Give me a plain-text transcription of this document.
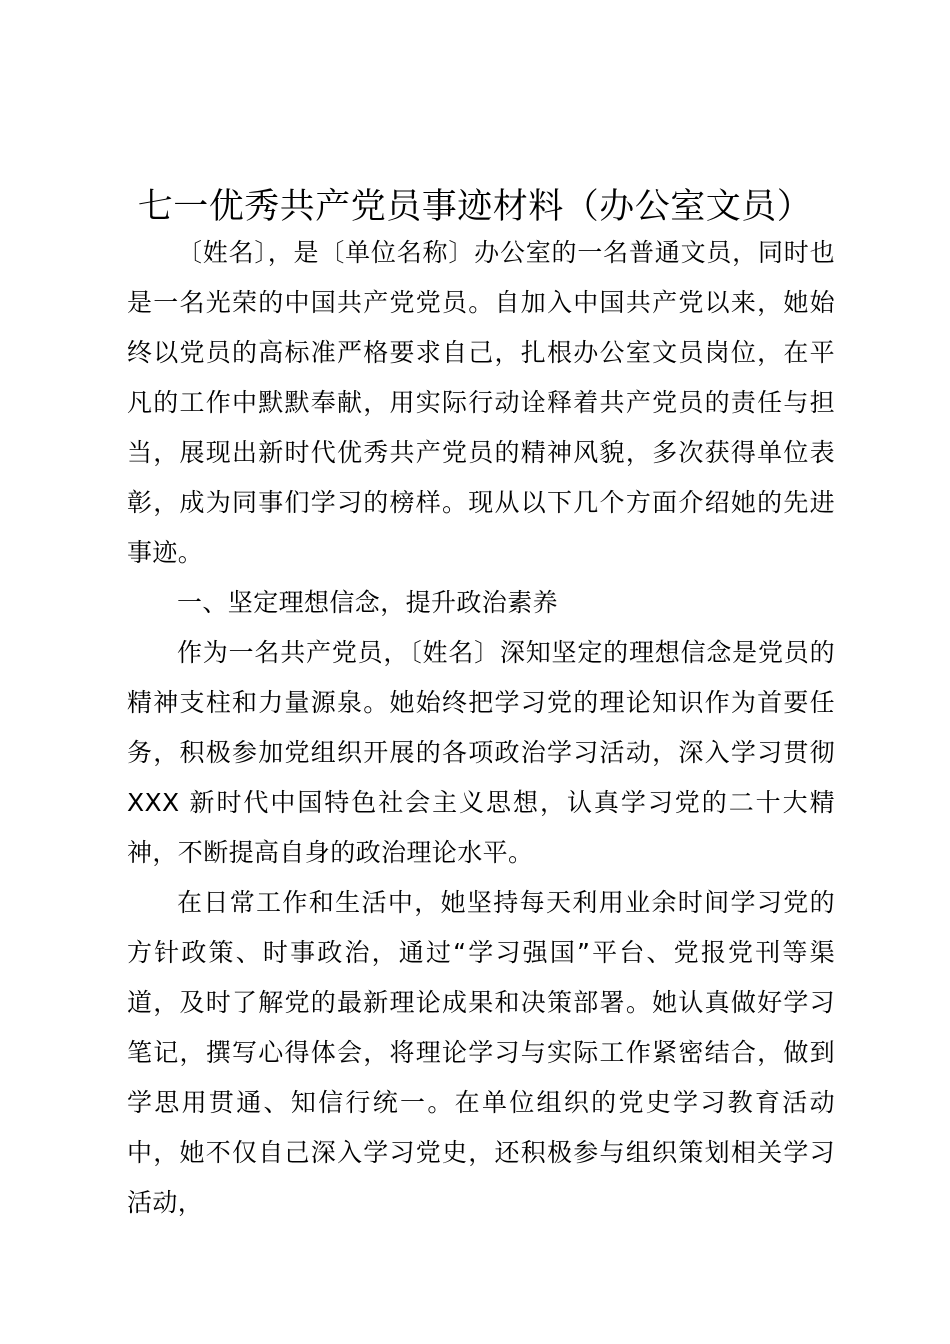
七一优秀共产党员事迹材料（办公室文员）

〔姓名〕，是〔单位名称〕办公室的一名普通文员，同时也是一名光荣的中国共产党党员。自加入中国共产党以来，她始终以党员的高标准严格要求自己，扎根办公室文员岗位，在平凡的工作中默默奉献，用实际行动诠释着共产党员的责任与担当，展现出新时代优秀共产党员的精神风貌，多次获得单位表彰，成为同事们学习的榜样。现从以下几个方面介绍她的先进事迹。

一、坚定理想信念，提升政治素养

作为一名共产党员，〔姓名〕深知坚定的理想信念是党员的精神支柱和力量源泉。她始终把学习党的理论知识作为首要任务，积极参加党组织开展的各项政治学习活动，深入学习贯彻 XXX 新时代中国特色社会主义思想，认真学习党的二十大精神，不断提高自身的政治理论水平。

在日常工作和生活中，她坚持每天利用业余时间学习党的方针政策、时事政治，通过“学习强国”平台、党报党刊等渠道，及时了解党的最新理论成果和决策部署。她认真做好学习笔记，撰写心得体会，将理论学习与实际工作紧密结合，做到学思用贯通、知信行统一。在单位组织的党史学习教育活动中，她不仅自己深入学习党史，还积极参与组织策划相关学习活动，
